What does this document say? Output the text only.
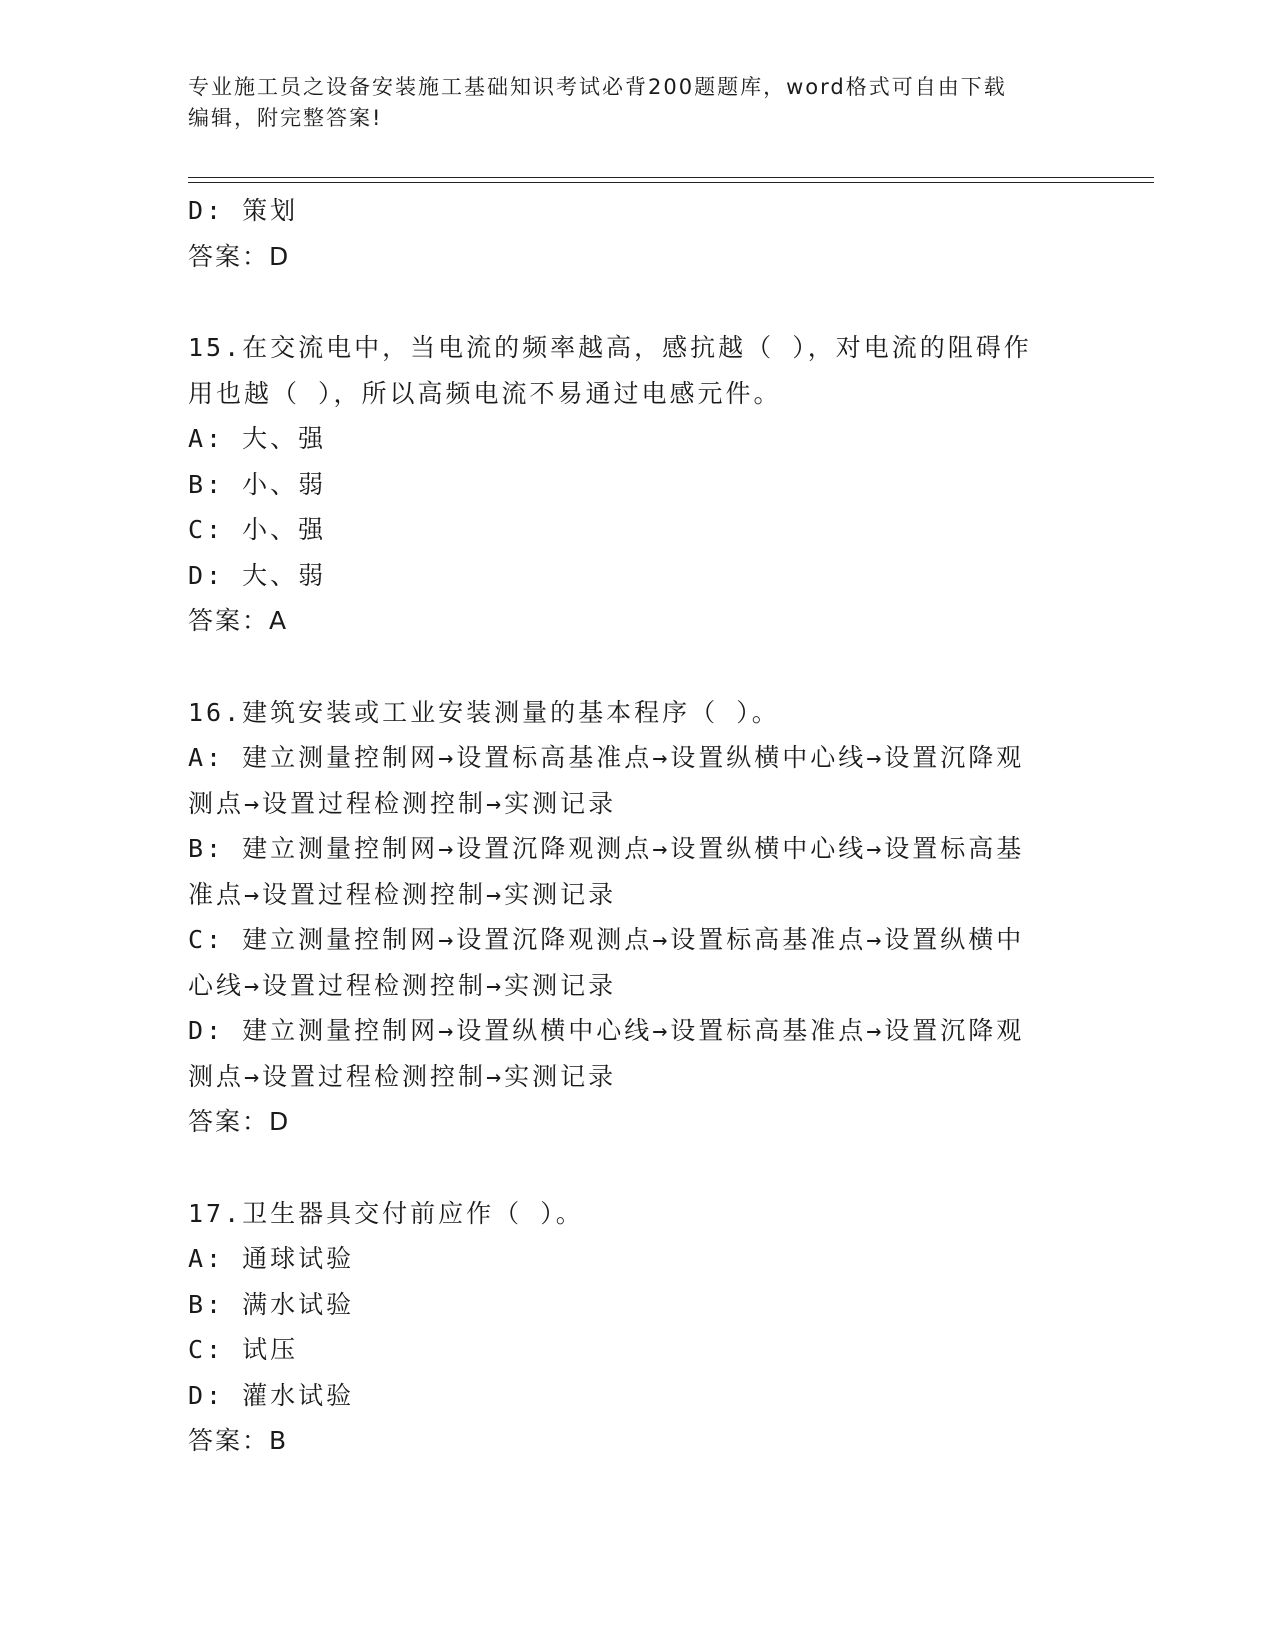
专业施工员之设备安装施工基础知识考试必背200题题库，word格式可自由下载
编辑，附完整答案!
D: 策划
答案：D
15.在交流电中，当电流的频率越高，感抗越（ ），对电流的阻碍作
用也越（ ），所以高频电流不易通过电感元件。
A: 大、强
B: 小、弱
C: 小、强
D: 大、弱
答案：A
16.建筑安装或工业安装测量的基本程序（ ）。
A: 建立测量控制网→设置标高基准点→设置纵横中心线→设置沉降观
测点→设置过程检测控制→实测记录
B: 建立测量控制网→设置沉降观测点→设置纵横中心线→设置标高基
准点→设置过程检测控制→实测记录
C: 建立测量控制网→设置沉降观测点→设置标高基准点→设置纵横中
心线→设置过程检测控制→实测记录
D: 建立测量控制网→设置纵横中心线→设置标高基准点→设置沉降观
测点→设置过程检测控制→实测记录
答案：D
17.卫生器具交付前应作（ ）。
A: 通球试验
B: 满水试验
C: 试压
D: 灌水试验
答案：B
